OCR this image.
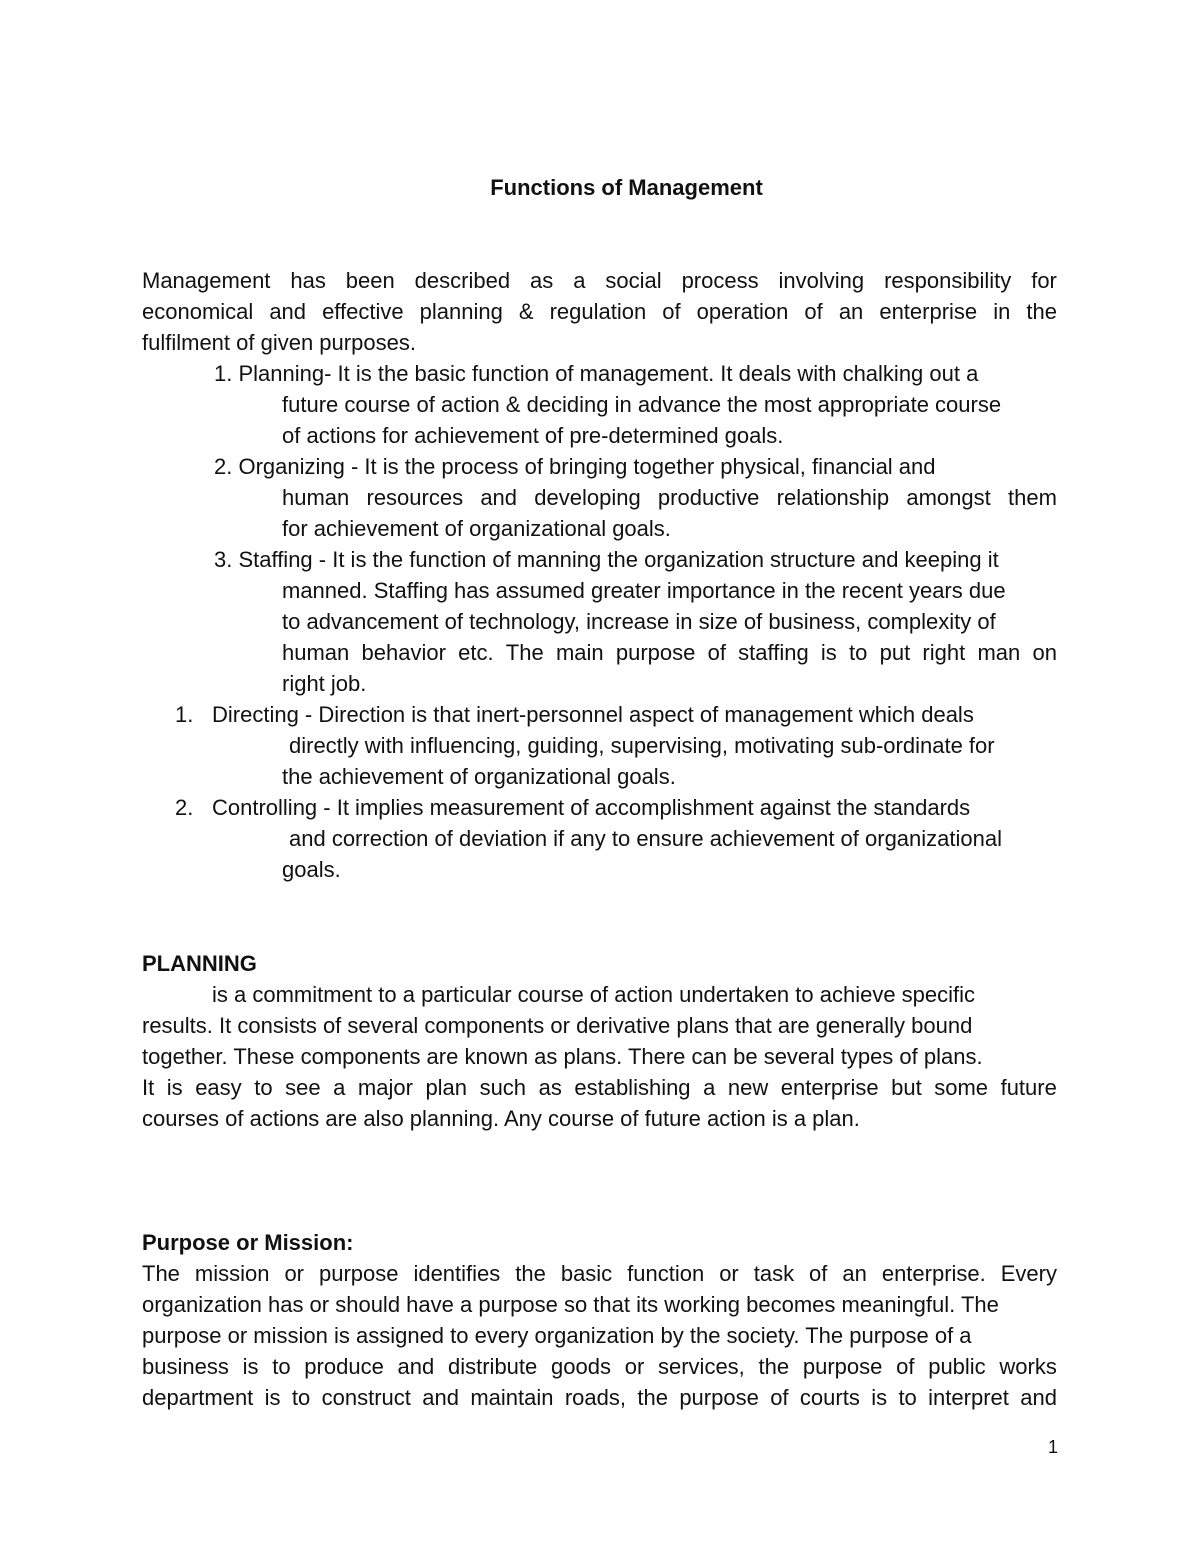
Functions of Management
Management has been described as a social process involving responsibility for
economical and effective planning & regulation of operation of an enterprise in the
fulfilment of given purposes.
1. Planning- It is the basic function of management. It deals with chalking out a
future course of action & deciding in advance the most appropriate course
of actions for achievement of pre-determined goals.
2. Organizing - It is the process of bringing together physical, financial and
human resources and developing productive relationship amongst them
for achievement of organizational goals.
3. Staffing - It is the function of manning the organization structure and keeping it
manned. Staffing has assumed greater importance in the recent years due
to advancement of technology, increase in size of business, complexity of
human behavior etc. The main purpose of staffing is to put right man on
right job.
1. Directing - Direction is that inert-personnel aspect of management which deals
directly with influencing, guiding, supervising, motivating sub-ordinate for
the achievement of organizational goals.
2. Controlling - It implies measurement of accomplishment against the standards
and correction of deviation if any to ensure achievement of organizational
goals.
PLANNING
is a commitment to a particular course of action undertaken to achieve specific
results. It consists of several components or derivative plans that are generally bound
together. These components are known as plans. There can be several types of plans.
It is easy to see a major plan such as establishing a new enterprise but some future
courses of actions are also planning. Any course of future action is a plan.
Purpose or Mission:
The mission or purpose identifies the basic function or task of an enterprise. Every
organization has or should have a purpose so that its working becomes meaningful. The
purpose or mission is assigned to every organization by the society. The purpose of a
business is to produce and distribute goods or services, the purpose of public works
department is to construct and maintain roads, the purpose of courts is to interpret and
1
